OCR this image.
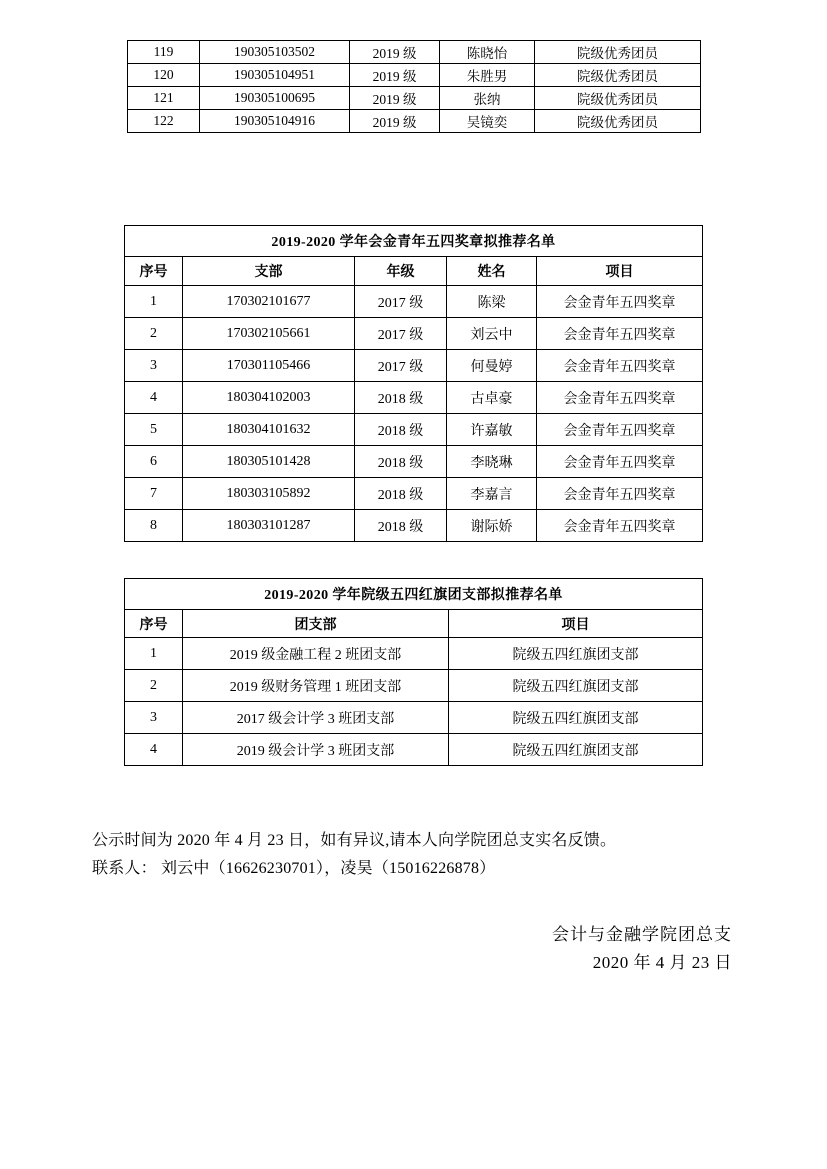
119	190305103502	2019 级	陈晓怡	院级优秀团员
120	190305104951	2019 级	朱胜男	院级优秀团员
121	190305100695	2019 级	张纳	院级优秀团员
122	190305104916	2019 级	吴镜奕	院级优秀团员
2019-2020 学年会金青年五四奖章拟推荐名单				
序号	支部	年级	姓名	项目
1	170302101677	2017 级	陈梁	会金青年五四奖章
2	170302105661	2017 级	刘云中	会金青年五四奖章
3	170301105466	2017 级	何曼婷	会金青年五四奖章
4	180304102003	2018 级	古卓豪	会金青年五四奖章
5	180304101632	2018 级	许嘉敏	会金青年五四奖章
6	180305101428	2018 级	李晓琳	会金青年五四奖章
7	180303105892	2018 级	李嘉言	会金青年五四奖章
8	180303101287	2018 级	谢际娇	会金青年五四奖章
2019-2020 学年院级五四红旗团支部拟推荐名单		
序号	团支部	项目
1	2019 级金融工程 2 班团支部	院级五四红旗团支部
2	2019 级财务管理 1 班团支部	院级五四红旗团支部
3	2017 级会计学 3 班团支部	院级五四红旗团支部
4	2019 级会计学 3 班团支部	院级五四红旗团支部
公示时间为 2020 年 4 月 23 日，如有异议,请本人向学院团总支实名反馈。
联系人： 刘云中（16626230701），凌昊（15016226878）
会计与金融学院团总支
2020 年 4 月 23 日
